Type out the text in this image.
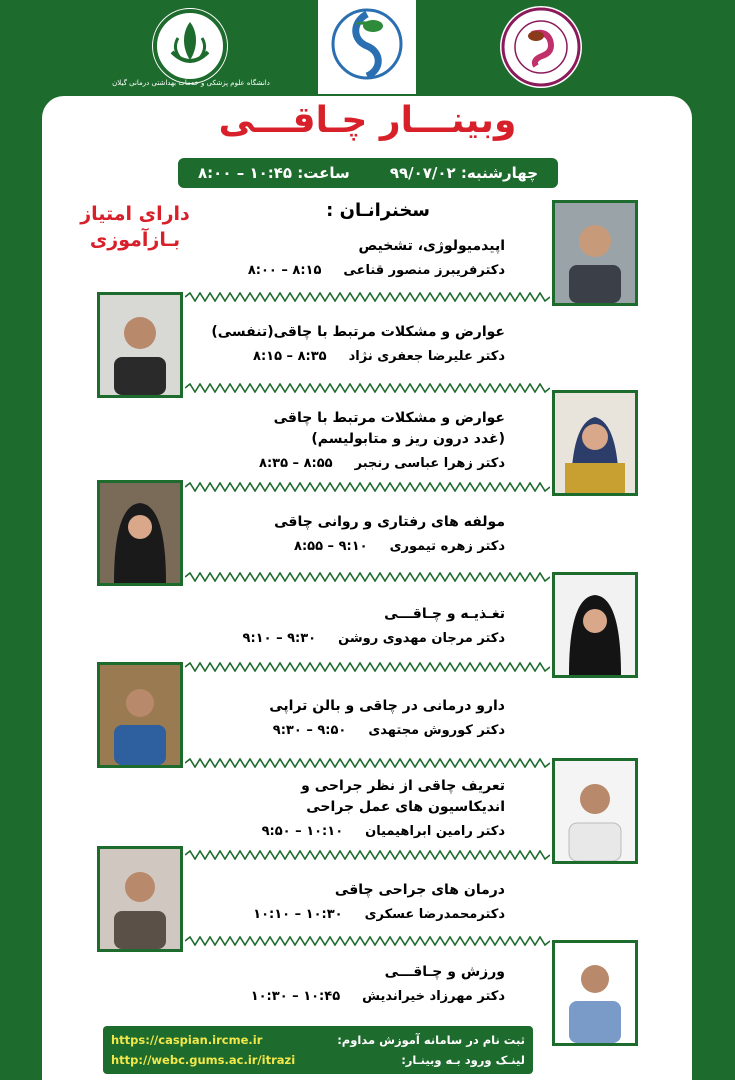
دانشگاه علوم پزشکی و خدمات بهداشتی درمانی گیلان
وبینـــار چـاقـــی
چهارشنبه: ۹۹/۰۷/۰۲
ساعت: ۱۰:۴۵ – ۸:۰۰
سخنرانـان :
دارای امتیاز
بـازآموزی	اپیدمیولوژی، تشخیص
دکترفریبرز منصور قناعی
۸:۱۵ – ۸:۰۰
عوارض و مشکلات مرتبط با چاقی(تنفسی)
دکتر علیرضا جعفری نژاد
۸:۳۵ – ۸:۱۵
عوارض و مشکلات مرتبط با چاقی
(غدد درون ریز و متابولیسم)
دکتر زهرا عباسی رنجبر
۸:۵۵ – ۸:۳۵
مولفه های رفتاری و روانی چاقی
دکتر زهره تیموری
۹:۱۰ – ۸:۵۵
تغـذیـه و چـاقـــی
دکتر مرجان مهدوی روشن
۹:۳۰ – ۹:۱۰
دارو درمانی در چاقی و بالن تراپی
دکتر کوروش مجتهدی
۹:۵۰ – ۹:۳۰
تعریف چاقی از نظر جراحی و
اندیکاسیون های عمل جراحی
دکتر رامین ابراهیمیان
۱۰:۱۰ – ۹:۵۰
درمان های جراحی چاقی
دکترمحمدرضا عسکری
۱۰:۳۰ – ۱۰:۱۰
ورزش و چـاقـــی
دکتر مهرزاد خیراندیش
۱۰:۴۵ – ۱۰:۳۰
https://caspian.ircme.ir	ثبت نام در سامانه آموزش مداوم:
http://webc.gums.ac.ir/itrazi	لینـک ورود بـه وبینـار:
